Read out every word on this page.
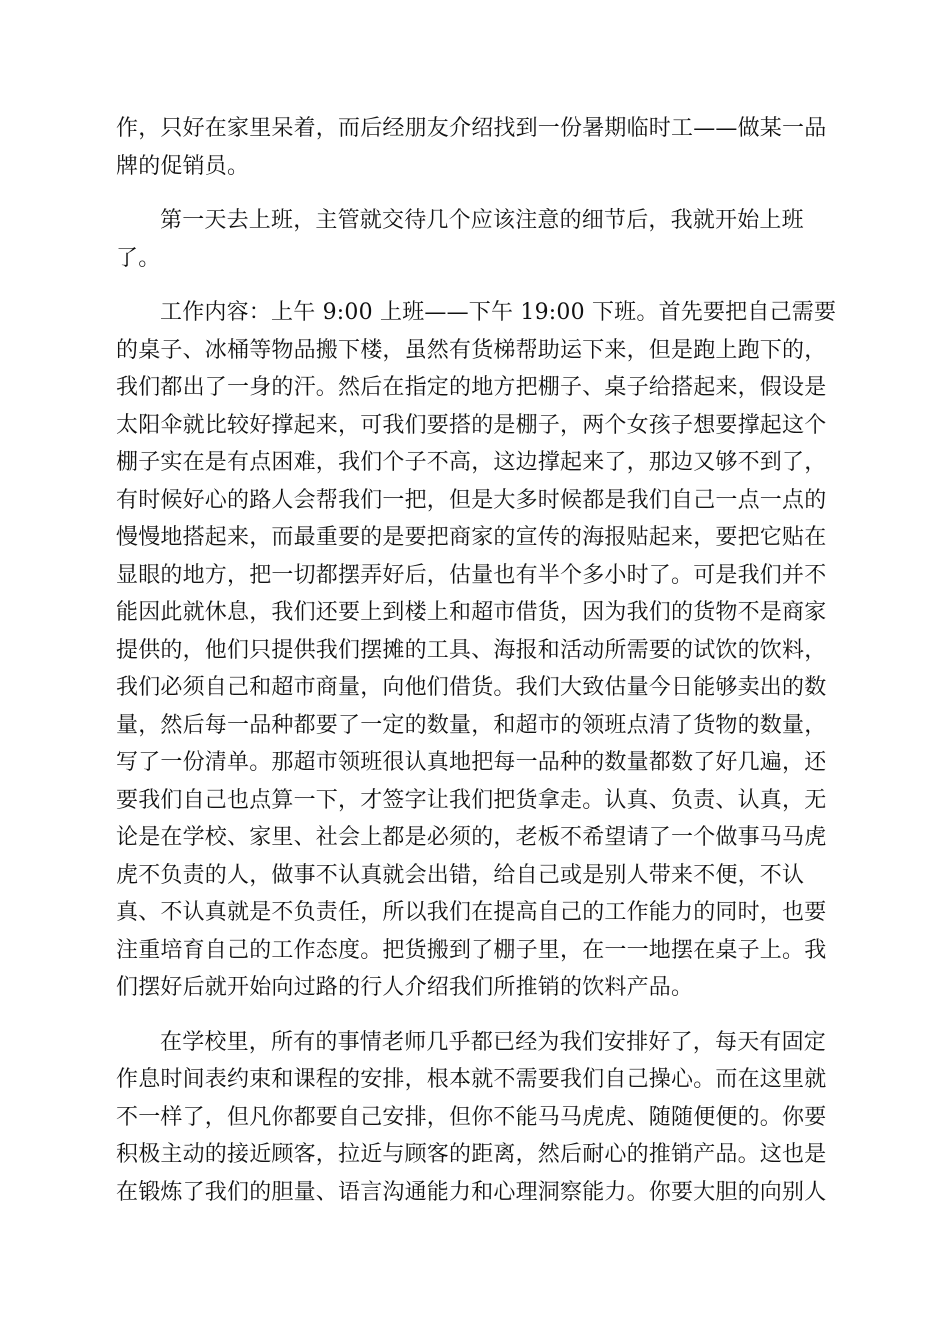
作，只好在家里呆着，而后经朋友介绍找到一份暑期临时工——做某一品
牌的促销员。
第一天去上班，主管就交待几个应该注意的细节后，我就开始上班
了。
工作内容：上午 9:00 上班——下午 19:00 下班。首先要把自己需要
的桌子、冰桶等物品搬下楼，虽然有货梯帮助运下来，但是跑上跑下的，
我们都出了一身的汗。然后在指定的地方把棚子、桌子给搭起来，假设是
太阳伞就比较好撑起来，可我们要搭的是棚子，两个女孩子想要撑起这个
棚子实在是有点困难，我们个子不高，这边撑起来了，那边又够不到了，
有时候好心的路人会帮我们一把，但是大多时候都是我们自己一点一点的
慢慢地搭起来，而最重要的是要把商家的宣传的海报贴起来，要把它贴在
显眼的地方，把一切都摆弄好后，估量也有半个多小时了。可是我们并不
能因此就休息，我们还要上到楼上和超市借货，因为我们的货物不是商家
提供的，他们只提供我们摆摊的工具、海报和活动所需要的试饮的饮料，
我们必须自己和超市商量，向他们借货。我们大致估量今日能够卖出的数
量，然后每一品种都要了一定的数量，和超市的领班点清了货物的数量，
写了一份清单。那超市领班很认真地把每一品种的数量都数了好几遍，还
要我们自己也点算一下，才签字让我们把货拿走。认真、负责、认真，无
论是在学校、家里、社会上都是必须的，老板不希望请了一个做事马马虎
虎不负责的人，做事不认真就会出错，给自己或是别人带来不便，不认
真、不认真就是不负责任，所以我们在提高自己的工作能力的同时，也要
注重培育自己的工作态度。把货搬到了棚子里，在一一地摆在桌子上。我
们摆好后就开始向过路的行人介绍我们所推销的饮料产品。
在学校里，所有的事情老师几乎都已经为我们安排好了，每天有固定
作息时间表约束和课程的安排，根本就不需要我们自己操心。而在这里就
不一样了，但凡你都要自己安排，但你不能马马虎虎、随随便便的。你要
积极主动的接近顾客，拉近与顾客的距离，然后耐心的推销产品。这也是
在锻炼了我们的胆量、语言沟通能力和心理洞察能力。你要大胆的向别人
